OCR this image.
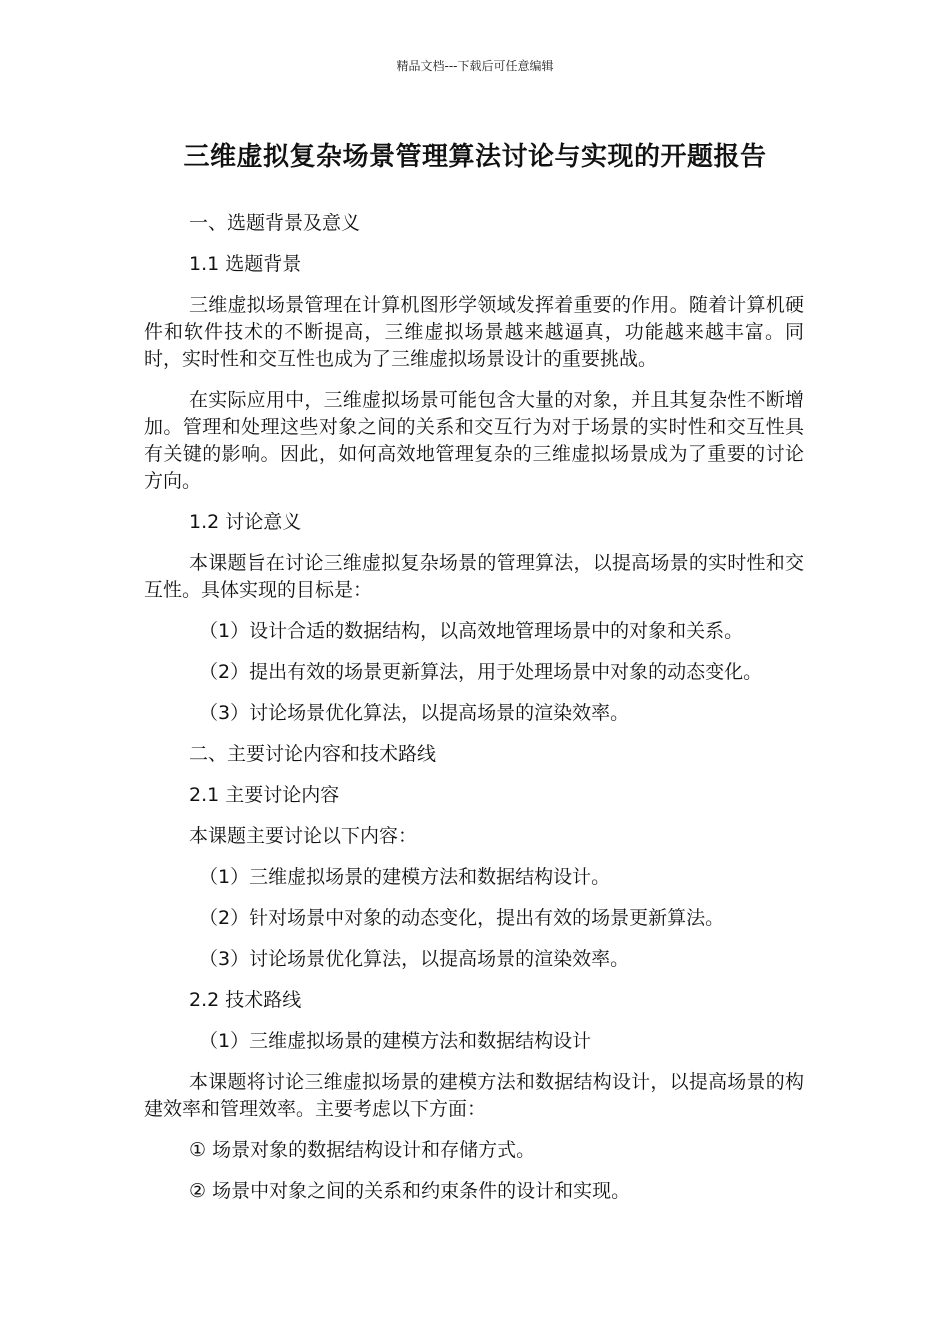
精品文档---下载后可任意编辑
三维虚拟复杂场景管理算法讨论与实现的开题报告

一、选题背景及意义

1.1 选题背景

三维虚拟场景管理在计算机图形学领域发挥着重要的作用。随着计算机硬件和软件技术的不断提高，三维虚拟场景越来越逼真，功能越来越丰富。同时，实时性和交互性也成为了三维虚拟场景设计的重要挑战。

在实际应用中，三维虚拟场景可能包含大量的对象，并且其复杂性不断增加。管理和处理这些对象之间的关系和交互行为对于场景的实时性和交互性具有关键的影响。因此，如何高效地管理复杂的三维虚拟场景成为了重要的讨论方向。

1.2 讨论意义

本课题旨在讨论三维虚拟复杂场景的管理算法，以提高场景的实时性和交互性。具体实现的目标是：

（1）设计合适的数据结构，以高效地管理场景中的对象和关系。

（2）提出有效的场景更新算法，用于处理场景中对象的动态变化。

（3）讨论场景优化算法，以提高场景的渲染效率。

二、主要讨论内容和技术路线

2.1 主要讨论内容

本课题主要讨论以下内容：

（1）三维虚拟场景的建模方法和数据结构设计。

（2）针对场景中对象的动态变化，提出有效的场景更新算法。

（3）讨论场景优化算法，以提高场景的渲染效率。

2.2 技术路线

（1）三维虚拟场景的建模方法和数据结构设计

本课题将讨论三维虚拟场景的建模方法和数据结构设计，以提高场景的构建效率和管理效率。主要考虑以下方面：

① 场景对象的数据结构设计和存储方式。

② 场景中对象之间的关系和约束条件的设计和实现。
